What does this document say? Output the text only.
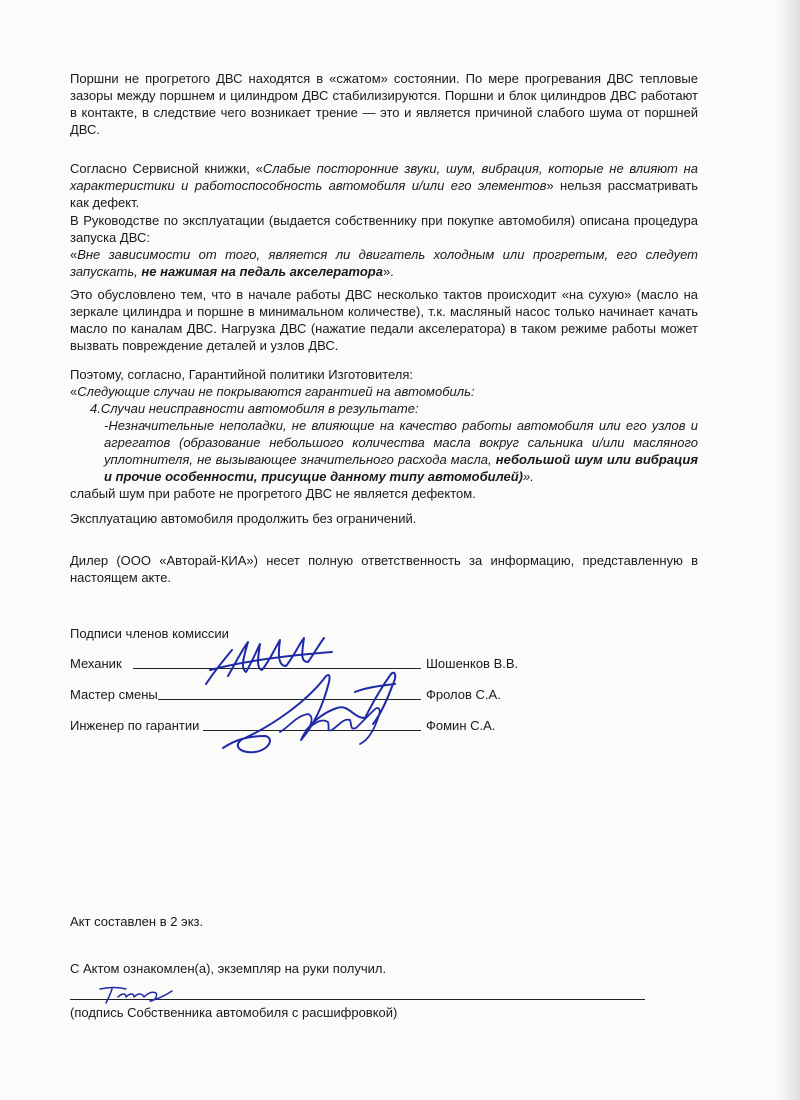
Поршни не прогретого ДВС находятся в «сжатом» состоянии. По мере прогревания ДВС тепловые
зазоры между поршнем и цилиндром ДВС стабилизируются. Поршни и блок цилиндров ДВС работают
в контакте, в следствие чего возникает трение — это и является причиной слабого шума от поршней
ДВС.
Согласно Сервисной книжки, «Слабые посторонние звуки, шум, вибрация, которые не влияют на
характеристики и работоспособность автомобиля и/или его элементов» нельзя рассматривать
как дефект.
В Руководстве по эксплуатации (выдается собственнику при покупке автомобиля) описана процедура
запуска ДВС:
«Вне зависимости от того, является ли двигатель холодным или прогретым, его следует
запускать, не нажимая на педаль акселератора».
Это обусловлено тем, что в начале работы ДВС несколько тактов происходит «на сухую» (масло на
зеркале цилиндра и поршне в минимальном количестве), т.к. масляный насос только начинает качать
масло по каналам ДВС. Нагрузка ДВС (нажатие педали акселератора) в таком режиме работы может
вызвать повреждение деталей и узлов ДВС.
Поэтому, согласно, Гарантийной политики Изготовителя:
«Следующие случаи не покрываются гарантией на автомобиль:
4.Случаи неисправности автомобиля в результате:
-Незначительные неполадки, не влияющие на качество работы автомобиля или его узлов и
агрегатов (образование небольшого количества масла вокруг сальника и/или масляного
уплотнителя, не вызывающее значительного расхода масла, небольшой шум или вибрация
и прочие особенности, присущие данному типу автомобилей)».
слабый шум при работе не прогретого ДВС не является дефектом.
Эксплуатацию автомобиля продолжить без ограничений.
Дилер (ООО «Авторай-КИА») несет полную ответственность за информацию, представленную в
настоящем акте.
Подписи членов комиссии
Механик	Шошенков В.В.
Мастер смены	Фролов С.А.
Инженер по гарантии	Фомин С.А.
Акт составлен в 2 экз.
С Актом ознакомлен(а), экземпляр на руки получил.
(подпись Собственника автомобиля с расшифровкой)
